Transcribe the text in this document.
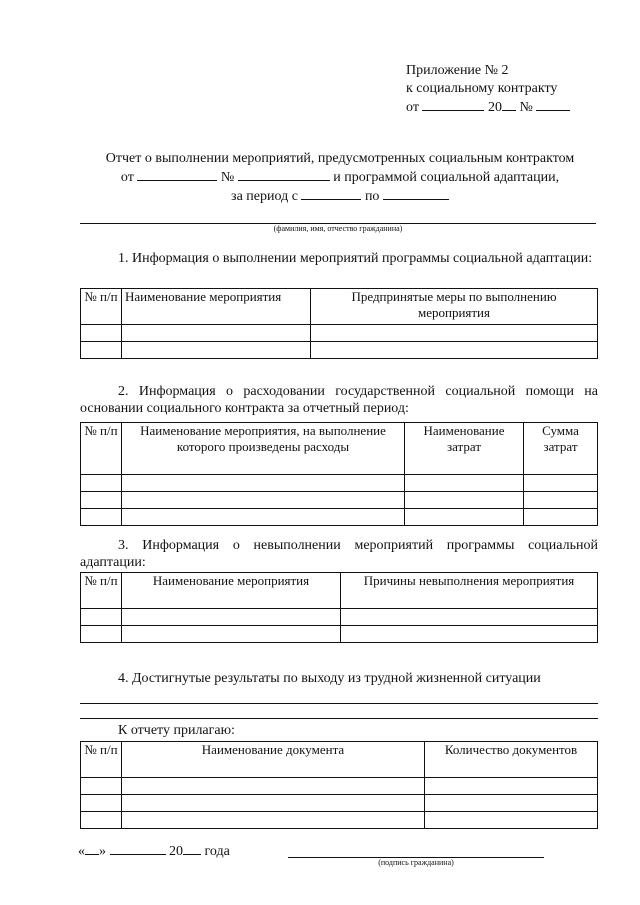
Приложение № 2
к социальному контракту
от	20 №
Отчет о выполнении мероприятий, предусмотренных социальным контрактом
от	№	и программой социальной адаптации,
за период с	по
(фамилия, имя, отчество гражданина)
1. Информация о выполнении мероприятий программы социальной адаптации:
№ п/п	Наименование мероприятия	Предпринятые меры по выполнению мероприятия

2. Информация о расходовании государственной социальной помощи на основании социального контракта за отчетный период:
№ п/п	Наименование мероприятия, на выполнение которого произведены расходы	Наименование затрат	Сумма затрат

3. Информация о невыполнении мероприятий программы социальной адаптации:
№ п/п	Наименование мероприятия	Причины невыполнения мероприятия

4. Достигнутые результаты по выходу из трудной жизненной ситуации
К отчету прилагаю:
№ п/п	Наименование документа	Количество документов

« »	20 года
(подпись гражданина)
